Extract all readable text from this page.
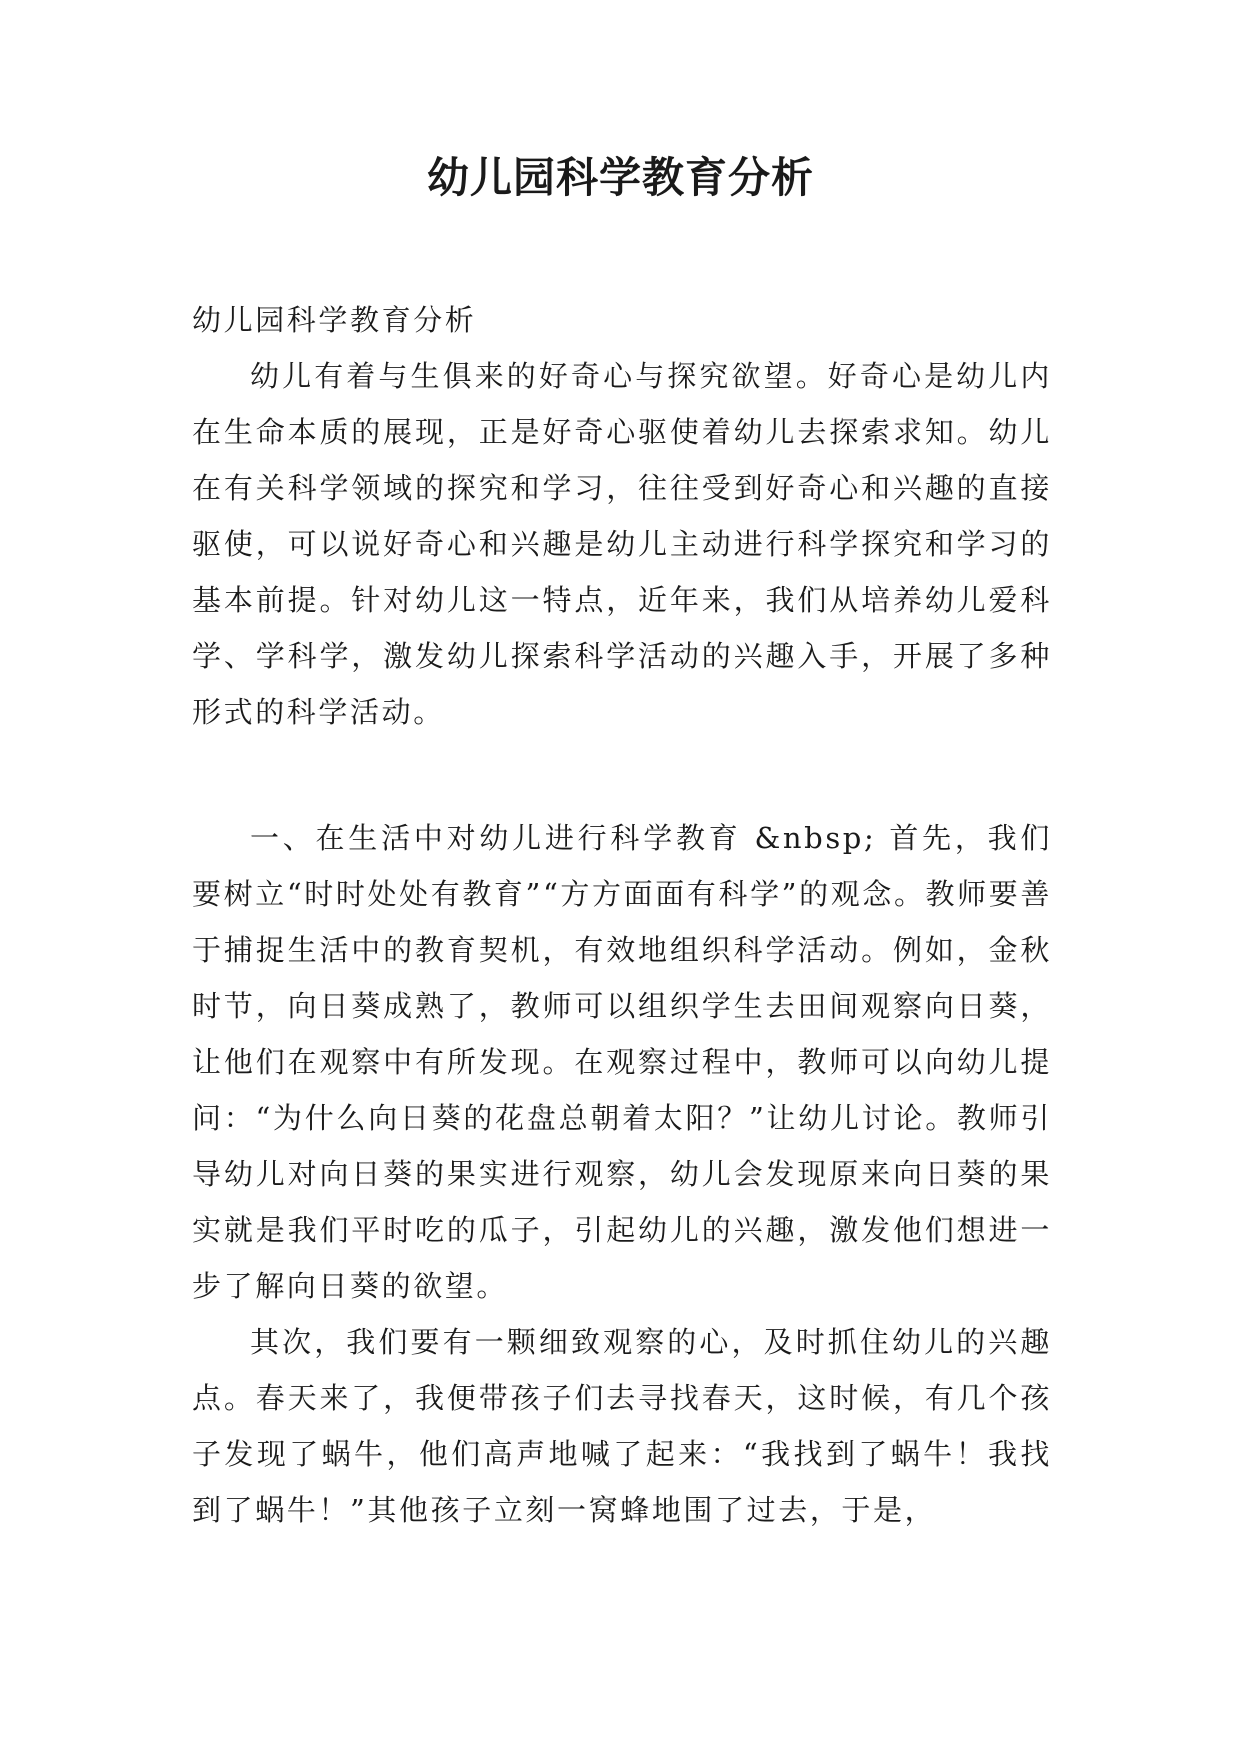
幼儿园科学教育分析

幼儿园科学教育分析

幼儿有着与生俱来的好奇心与探究欲望。好奇心是幼儿内在生命本质的展现，正是好奇心驱使着幼儿去探索求知。幼儿在有关科学领域的探究和学习，往往受到好奇心和兴趣的直接驱使，可以说好奇心和兴趣是幼儿主动进行科学探究和学习的基本前提。针对幼儿这一特点，近年来，我们从培养幼儿爱科学、学科学，激发幼儿探索科学活动的兴趣入手，开展了多种形式的科学活动。

一、在生活中对幼儿进行科学教育 &nbsp; 首先，我们要树立“时时处处有教育”“方方面面有科学”的观念。教师要善于捕捉生活中的教育契机，有效地组织科学活动。例如，金秋时节，向日葵成熟了，教师可以组织学生去田间观察向日葵，让他们在观察中有所发现。在观察过程中，教师可以向幼儿提问：“为什么向日葵的花盘总朝着太阳？”让幼儿讨论。教师引导幼儿对向日葵的果实进行观察，幼儿会发现原来向日葵的果实就是我们平时吃的瓜子，引起幼儿的兴趣，激发他们想进一步了解向日葵的欲望。

其次，我们要有一颗细致观察的心，及时抓住幼儿的兴趣点。春天来了，我便带孩子们去寻找春天，这时候，有几个孩子发现了蜗牛，他们高声地喊了起来：“我找到了蜗牛！我找到了蜗牛！”其他孩子立刻一窝蜂地围了过去，于是，
